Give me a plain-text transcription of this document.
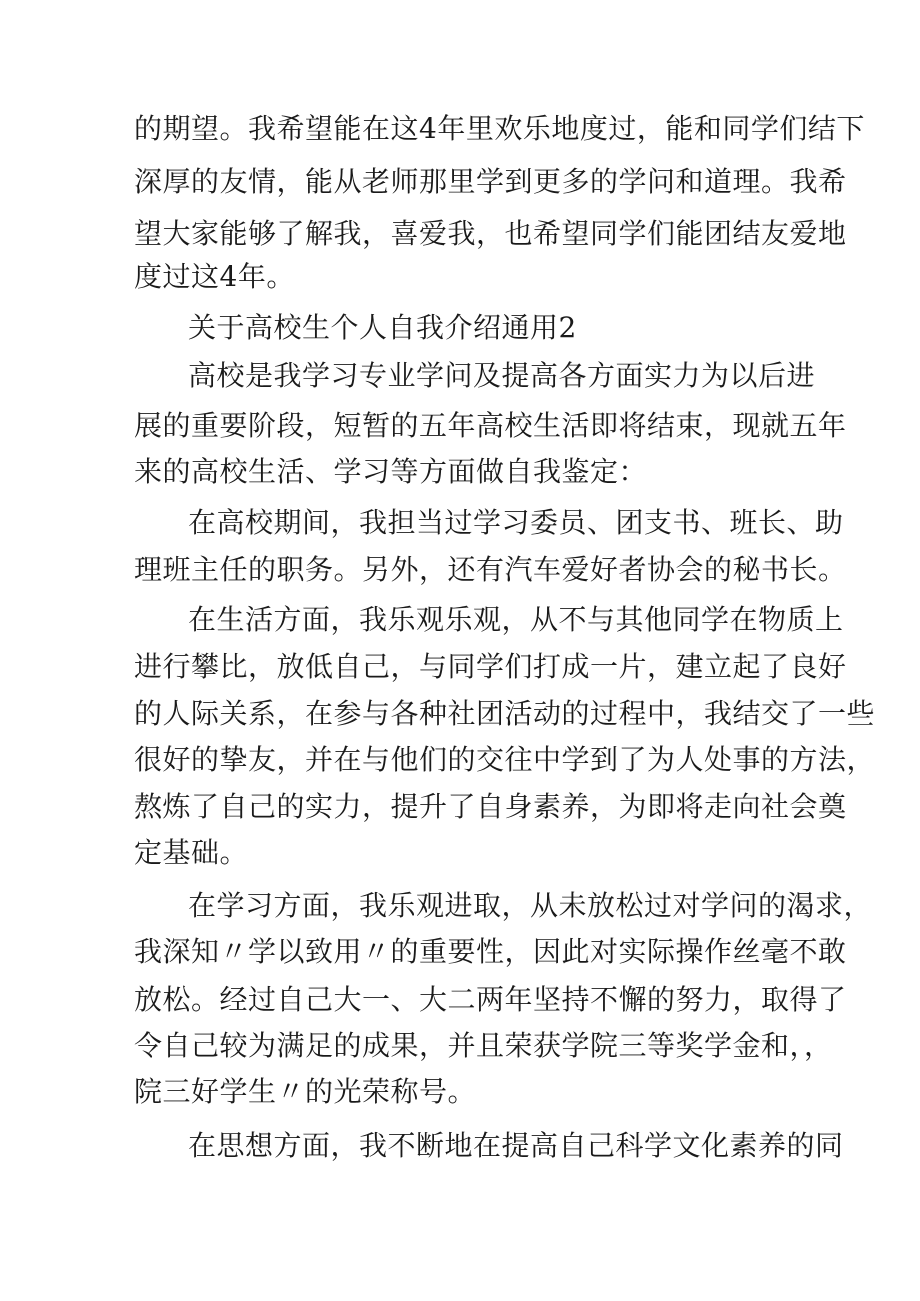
的期望。我希望能在这4年里欢乐地度过，能和同学们结下
深厚的友情，能从老师那里学到更多的学问和道理。我希
望大家能够了解我，喜爱我，也希望同学们能团结友爱地
度过这4年。
关于高校生个人自我介绍通用2
高校是我学习专业学问及提高各方面实力为以后进
展的重要阶段，短暂的五年高校生活即将结束，现就五年
来的高校生活、学习等方面做自我鉴定：
在高校期间，我担当过学习委员、团支书、班长、助
理班主任的职务。另外，还有汽车爱好者协会的秘书长。
在生活方面，我乐观乐观，从不与其他同学在物质上
进行攀比，放低自己，与同学们打成一片，建立起了良好
的人际关系，在参与各种社团活动的过程中，我结交了一些
很好的挚友，并在与他们的交往中学到了为人处事的方法，
熬炼了自己的实力，提升了自身素养，为即将走向社会奠
定基础。
在学习方面，我乐观进取，从未放松过对学问的渴求，
我深知〃学以致用〃的重要性，因此对实际操作丝毫不敢
放松。经过自己大一、大二两年坚持不懈的努力，取得了
令自己较为满足的成果，并且荣获学院三等奖学金和，，
院三好学生〃的光荣称号。
在思想方面，我不断地在提高自己科学文化素养的同
